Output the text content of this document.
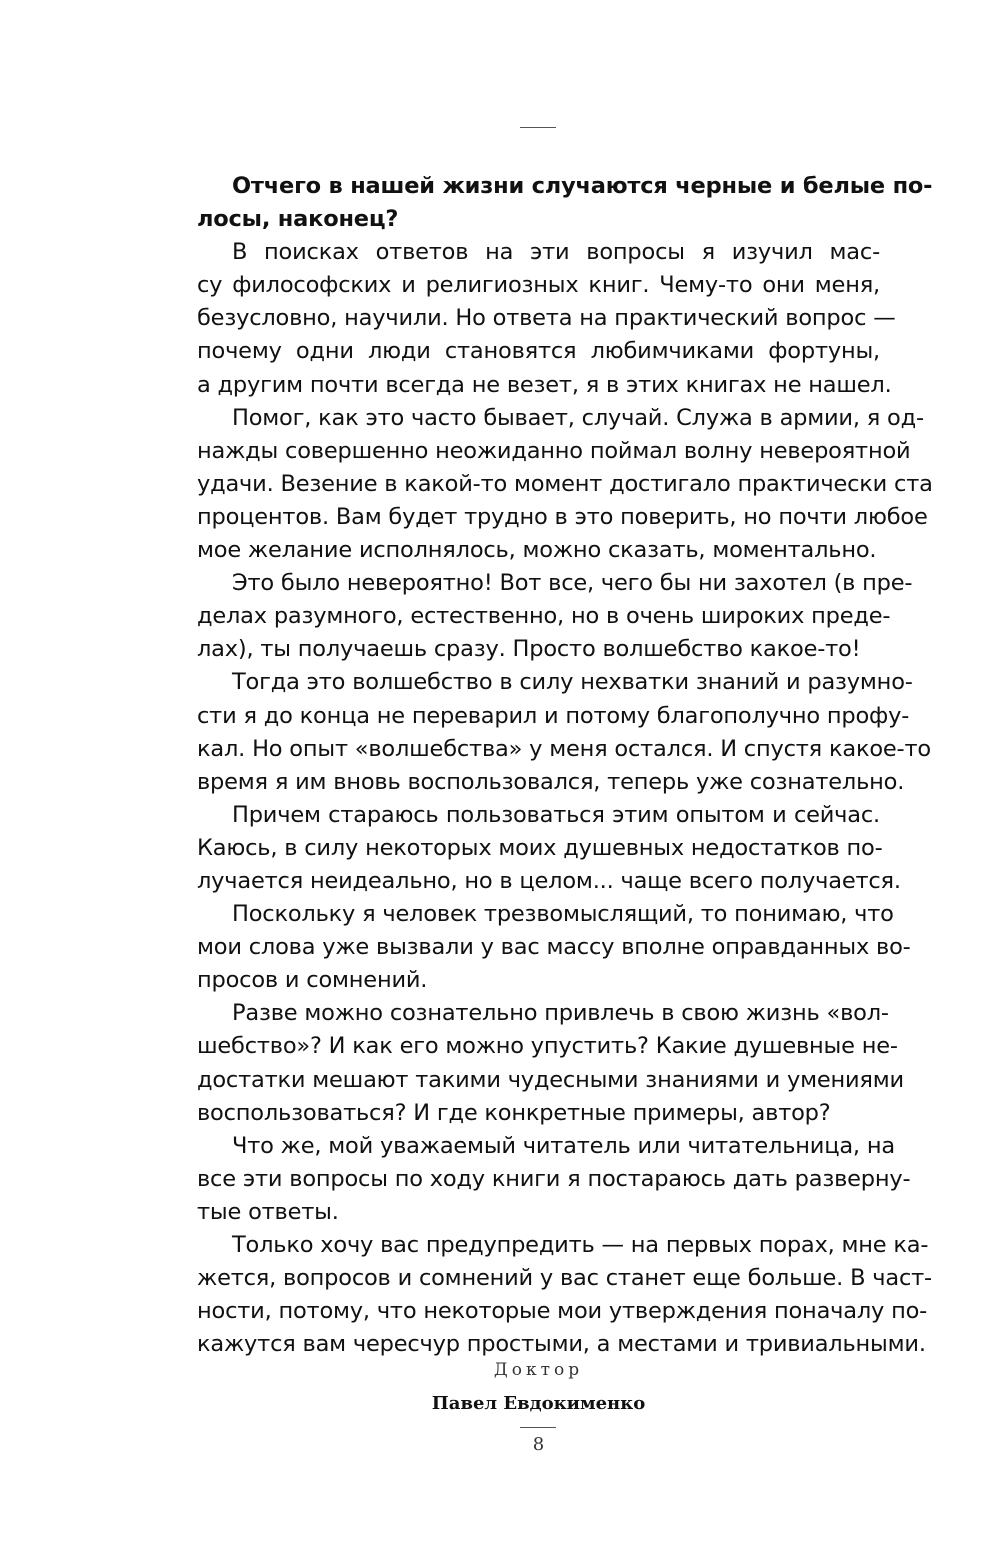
Отчего в нашей жизни случаются черные и белые по-
лосы, наконец?
В поисках ответов на эти вопросы я изучил мас-
су философских и религиозных книг. Чему-то они меня,
безусловно, научили. Но ответа на практический вопрос —
почему одни люди становятся любимчиками фортуны,
а другим почти всегда не везет, я в этих книгах не нашел.
Помог, как это часто бывает, случай. Служа в армии, я од-
нажды совершенно неожиданно поймал волну невероятной
удачи. Везение в какой-то момент достигало практически ста
процентов. Вам будет трудно в это поверить, но почти любое
мое желание исполнялось, можно сказать, моментально.
Это было невероятно! Вот все, чего бы ни захотел (в пре-
делах разумного, естественно, но в очень широких преде-
лах), ты получаешь сразу. Просто волшебство какое-то!
Тогда это волшебство в силу нехватки знаний и разумно-
сти я до конца не переварил и потому благополучно профу-
кал. Но опыт «волшебства» у меня остался. И спустя какое-то
время я им вновь воспользовался, теперь уже сознательно.
Причем стараюсь пользоваться этим опытом и сейчас.
Каюсь, в силу некоторых моих душевных недостатков по-
лучается неидеально, но в целом... чаще всего получается.
Поскольку я человек трезвомыслящий, то понимаю, что
мои слова уже вызвали у вас массу вполне оправданных во-
просов и сомнений.
Разве можно сознательно привлечь в свою жизнь «вол-
шебство»? И как его можно упустить? Какие душевные не-
достатки мешают такими чудесными знаниями и умениями
воспользоваться? И где конкретные примеры, автор?
Что же, мой уважаемый читатель или читательница, на
все эти вопросы по ходу книги я постараюсь дать разверну-
тые ответы.
Только хочу вас предупредить — на первых порах, мне ка-
жется, вопросов и сомнений у вас станет еще больше. В част-
ности, потому, что некоторые мои утверждения поначалу по-
кажутся вам чересчур простыми, а местами и тривиальными.
Доктор
Павел Евдокименко
8
